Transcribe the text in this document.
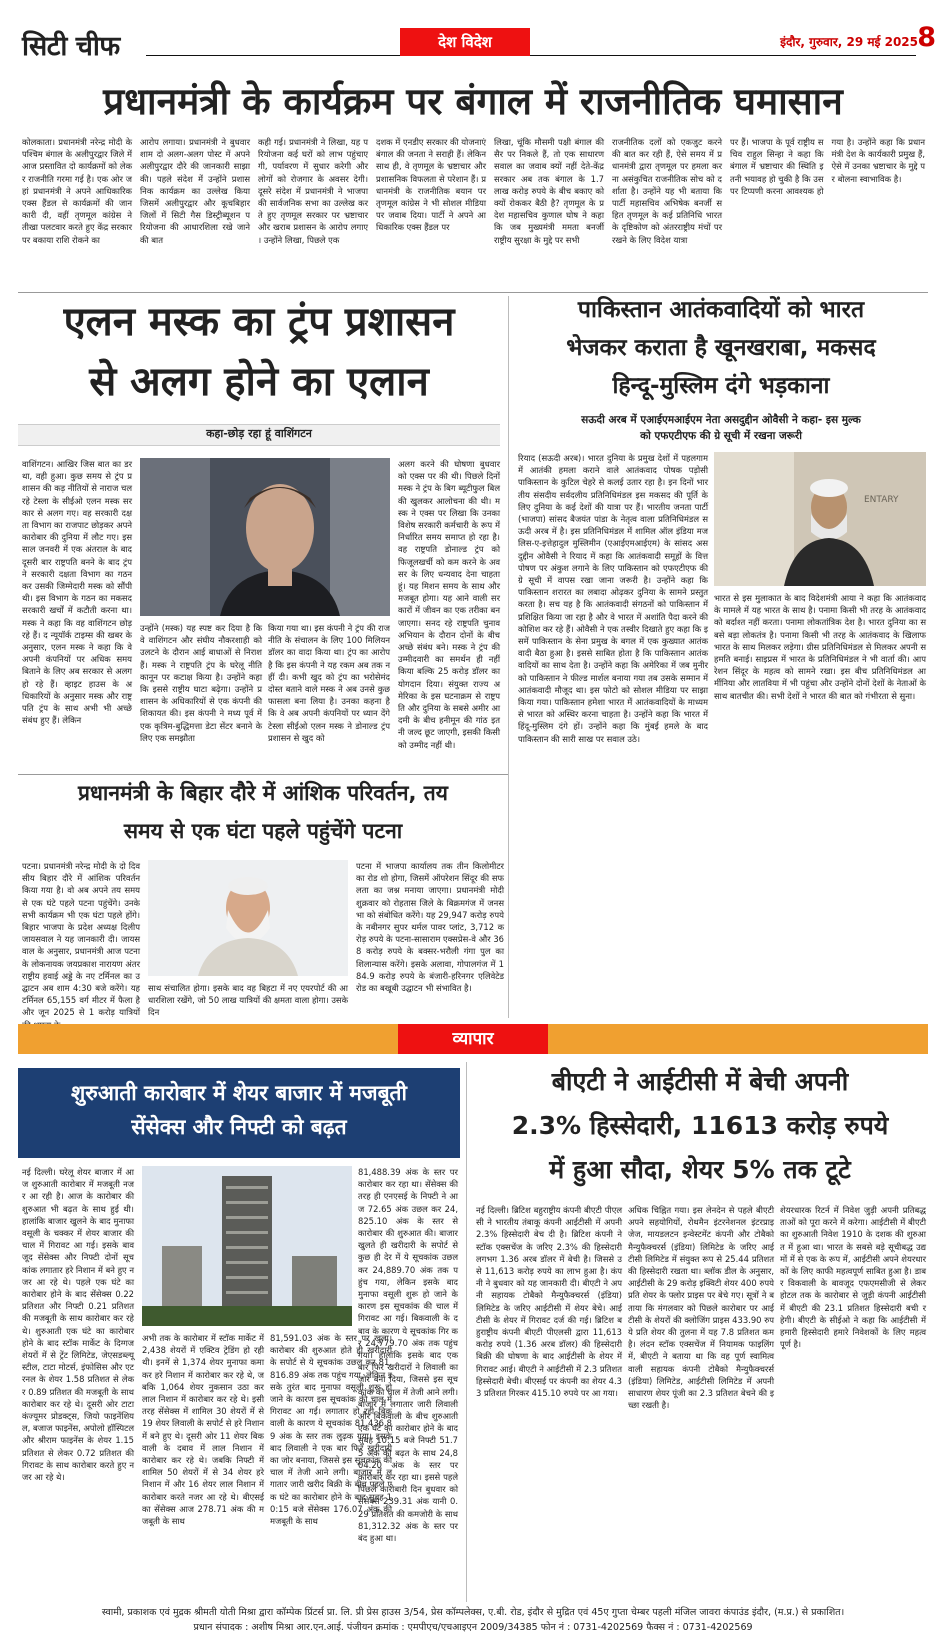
सिटी चीफ	देश विदेश	इंदौर, गुरुवार, 29 मई 2025 8
प्रधानमंत्री के कार्यक्रम पर बंगाल में राजनीतिक घमासान
कोलकाता। प्रधानमंत्री नरेन्द्र मोदी के पश्चिम बंगाल के अलीपुरद्वार जिले में आज प्रस्तावित दो कार्यक्रमों को लेकर राजनीति गरमा गई है। एक ओर जहां प्रधानमंत्री ने अपने आधिकारिक एक्स हैंडल से कार्यक्रमों की जानकारी दी, वहीं तृणमूल कांग्रेस ने तीखा पलटवार करते हुए केंद्र सरकार पर बकाया राशि रोकने का
आरोप लगाया। प्रधानमंत्री ने बुधवार शाम दो अलग-अलग पोस्ट में अपने अलीपुरद्वार दौरे की जानकारी साझा की। पहले संदेश में उन्होंने प्रशासनिक कार्यक्रम का उल्लेख किया जिसमें अलीपुरद्वार और कूचबिहार जिलों में सिटी गैस डिस्ट्रीब्यूशन परियोजना की आधारशिला रखे जाने की बात
कही गई। प्रधानमंत्री ने लिखा, यह परियोजना कई घरों को लाभ पहुंचाएगी, पर्यावरण में सुधार करेगी और लोगों को रोजगार के अवसर देगी। दूसरे संदेश में प्रधानमंत्री ने भाजपा की सार्वजनिक सभा का उल्लेख करते हुए तृणमूल सरकार पर भ्रष्टाचार और खराब प्रशासन के आरोप लगाए। उन्होंने लिखा, पिछले एक
दशक में एनडीए सरकार की योजनाएं बंगाल की जनता ने सराही हैं। लेकिन साथ ही, वे तृणमूल के भ्रष्टाचार और प्रशासनिक विफलता से परेशान हैं। प्रधानमंत्री के राजनीतिक बयान पर तृणमूल कांग्रेस ने भी सोशल मीडिया पर जवाब दिया। पार्टी ने अपने आधिकारिक एक्स हैंडल पर
लिखा, चूंकि मौसमी पक्षी बंगाल की सैर पर निकले हैं, तो एक साधारण सवाल का जवाब क्यों नहीं देते-केंद्र सरकार अब तक बंगाल के 1.7 लाख करोड़ रुपये के बीच बकाए को क्यों रोककर बैठी है? तृणमूल के प्रदेश महासचिव कुणाल घोष ने कहा कि जब मुख्यमंत्री ममता बनर्जी राष्ट्रीय सुरक्षा के मुद्दे पर सभी
राजनीतिक दलों को एकजुट करने की बात कर रही हैं, ऐसे समय में प्रधानमंत्री द्वारा तृणमूल पर हमला करना असंकुचित राजनीतिक सोच को दर्शाता है। उन्होंने यह भी बताया कि पार्टी महासचिव अभिषेक बनर्जी सहित तृणमूल के कई प्रतिनिधि भारत के दृष्टिकोण को अंतरराष्ट्रीय मंचों पर रखने के लिए विदेश यात्रा
पर हैं। भाजपा के पूर्व राष्ट्रीय सचिव राहुल सिन्हा ने कहा कि बंगाल में भ्रष्टाचार की स्थिति इतनी भयावह हो चुकी है कि उस पर टिप्पणी करना आवश्यक हो गया है। उन्होंने कहा कि प्रधानमंत्री देश के कार्यकारी प्रमुख हैं, ऐसे में उनका भ्रष्टाचार के मुद्दे पर बोलना स्वाभाविक है।
एलन मस्क का ट्रंप प्रशासन
से अलग होने का एलान
कहा-छोड़ रहा हूं वाशिंगटन
वाशिंगटन। आखिर जिस बात का डर था, वही हुआ। कुछ समय से ट्रंप प्रशासन की कड़ नीतियों से नाराज चल रहे टेस्ला के सीईओ एलन मस्क सरकार से अलग गए। वह सरकारी दक्षता विभाग का राजपाट छोड़कर अपने कारोबार की दुनिया में लौट गए। इस साल जनवरी में एक अंतराल के बाद दूसरी बार राष्ट्रपति बनने के बाद ट्रंप ने सरकारी दक्षता विभाग का गठन कर उसकी जिम्मेदारी मस्क को सौंपी थी। इस विभाग के गठन का मकसद सरकारी खर्चों में कटौती करना था। मस्क ने कहा कि वह वाशिंगटन छोड़ रहे हैं। द न्यूयॉर्क टाइम्स की खबर के अनुसार, एलन मस्क ने कहा कि वे अपनी कंपनियों पर अधिक समय बिताने के लिए अब सरकार से अलग हो रहे हैं। व्हाइट हाउस के अधिकारियों के अनुसार मस्क और राष्ट्रपति ट्रंप के साथ अभी भी अच्छे संबंध हुए हैं। लेकिन
उन्होंने (मस्क) यह स्पष्ट कर दिया है कि वे वाशिंगटन और संघीय नौकरशाही को उलटने के दौरान आई बाधाओं से निराश हैं। मस्क ने राष्ट्रपति ट्रंप के घरेलू नीति कानून पर कटाक्ष किया है। उन्होंने कहा कि इससे राष्ट्रीय घाटा बढ़ेगा। उन्होंने प्रशासन के अधिकारियों से एक कंपनी की शिकायत की। इस कंपनी ने मध्य पूर्व में एक कृत्रिम-बुद्धिमत्ता डेटा सेंटर बनाने के लिए एक समझौता
किया गया था। इस कंपनी ने ट्रंप की राजनीति के संचालन के लिए 100 मिलियन डॉलर का वादा किया था। ट्रंप का आरोप है कि इस कंपनी ने यह रकम अब तक नहीं दी। कभी खुद को ट्रंप का भरोसेमंद दोस्त बताने वाले मस्क ने अब उनसे कुछ फासला बना लिया है। उनका कहना है कि वे अब अपनी कंपनियों पर ध्यान देंगे टेस्ला सीईओ एलन मस्क ने डोनाल्ड ट्रंप प्रशासन से खुद को
अलग करने की घोषणा बुधवार को एक्स पर की थी। पिछले दिनों मस्क ने ट्रंप के बिग ब्यूटीफुल बिल की खुलकर आलोचना की थी। मस्क ने एक्स पर लिखा कि उनका विशेष सरकारी कर्मचारी के रूप में निर्धारित समय समाप्त हो रहा है। वह राष्ट्रपति डोनाल्ड ट्रंप को फिजूलखर्ची को कम करने के अवसर के लिए धन्यवाद देना चाहता हूं। यह मिशन समय के साथ और मजबूत होगा। यह आने वाली सरकारों में जीवन का एक तरीका बन जाएगा। सनद रहे राष्ट्रपति चुनाव अभियान के दौरान दोनों के बीच अच्छे संबंध बने। मस्क ने ट्रंप की उम्मीदवारी का समर्थन ही नहीं किया बल्कि 25 करोड़ डॉलर का योगदान दिया। संयुक्त राज्य अमेरिका के इस घटनाक्रम से राष्ट्रपति और दुनिया के सबसे अमीर आदमी के बीच हनीमून की गांठ इतनी जल्द छूट जाएगी, इसकी किसी को उम्मीद नहीं थी।
पाकिस्तान आतंकवादियों को भारत
भेजकर कराता है खूनखराबा, मकसद
हिन्दू-मुस्लिम दंगे भड़काना
सऊदी अरब में एआईएमआईएम नेता असदुद्दीन ओवैसी ने कहा- इस मुल्क
को एफएटीएफ की ग्रे सूची में रखना जरूरी
रियाद (सऊदी अरब)। भारत दुनिया के प्रमुख देशों में पहलगाम में आतंकी हमला कराने वाले आतंकवाद पोषक पड़ोसी पाकिस्तान के कुटिल चेहरे से कलई उतार रहा है। इन दिनों भारतीय संसदीय सर्वदलीय प्रतिनिधिमंडल इस मकसद की पूर्ति के लिए दुनिया के कई देशों की यात्रा पर हैं। भारतीय जनता पार्टी (भाजपा) सांसद बैजयंत पांडा के नेतृत्व वाला प्रतिनिधिमंडल सऊदी अरब में है। इस प्रतिनिधिमंडल में शामिल ऑल इंडिया मजलिस-ए-इत्तेहादुल मुस्लिमीन (एआईएमआईएम) के सांसद असदुद्दीन ओवैसी ने रियाद में कहा कि आतंकवादी समूहों के वित्तपोषण पर अंकुश लगाने के लिए पाकिस्तान को एफएटीएफ की ग्रे सूची में वापस रखा जाना जरूरी है। उन्होंने कहा कि पाकिस्तान शरारत का लबादा ओढ़कर दुनिया के सामने प्रस्तुत करता है। सच यह है कि आतंकवादी संगठनों को पाकिस्तान में प्रशिक्षित किया जा रहा है और वे भारत में अशांति पैदा करने की कोशिश कर रहे हैं। ओवैसी ने एक तस्वीर दिखाते हुए कहा कि इसमें पाकिस्तान के सेना प्रमुख के बगल में एक कुख्यात आतंकवादी बैठा हुआ है। इससे साबित होता है कि पाकिस्तान आतंकवादियों का साथ देता है। उन्होंने कहा कि अमेरिका में जब मुनीर को पाकिस्तान ने फील्ड मार्शल बनाया गया तब उसके सम्मान में आतंकवादी मौजूद था। इस फोटो को सोशल मीडिया पर साझा किया गया। पाकिस्तान हमेशा भारत में आतंकवादियों के माध्यम से भारत को अस्थिर करना चाहता है। उन्होंने कहा कि भारत में हिंदू-मुस्लिम दंगे हों। उन्होंने कहा कि मुंबई हमले के बाद पाकिस्तान की सारी साख पर सवाल उठे।
ENTARY
भारत से इस मुलाकात के बाद विदेशमंत्री आया ने कहा कि आतंकवाद के मामले में यह भारत के साथ है। पनामा किसी भी तरह के आतंकवाद को बर्दाश्त नहीं करता। पनामा लोकतांत्रिक देश है। भारत दुनिया का सबसे बड़ा लोकतंत्र है। पनामा किसी भी तरह के आतंकवाद के खिलाफ भारत के साथ मिलकर लड़ेगा। ग्रीस प्रतिनिधिमंडल से मिलकर अपनी सहमति बनाई। साइप्रस में भारत के प्रतिनिधिमंडल ने भी वार्ता की। आपरेशन सिंदूर के महत्व को सामने रखा। इस बीच प्रतिनिधिमंडल आर्मीनिया और लातविया में भी पहुंचा और उन्होंने दोनों देशों के नेताओं के साथ बातचीत की। सभी देशों ने भारत की बात को गंभीरता से सुना।
प्रधानमंत्री के बिहार दौरे में आंशिक परिवर्तन, तय
समय से एक घंटा पहले पहुंचेंगे पटना
पटना। प्रधानमंत्री नरेन्द्र मोदी के दो दिवसीय बिहार दौरे में आंशिक परिवर्तन किया गया है। वो अब अपने तय समय से एक घंटे पहले पटना पहुंचेंगे। उनके सभी कार्यक्रम भी एक घंटा पहले होंगे। बिहार भाजपा के प्रदेश अध्यक्ष दिलीप जायसवाल ने यह जानकारी दी। जायसवाल के अनुसार, प्रधानमंत्री आज पटना के लोकनायक जयप्रकाश नारायण अंतरराष्ट्रीय हवाई अड्डे के नए टर्मिनल का उद्घाटन अब शाम 4:30 बजे करेंगे। यह टर्मिनल 65,155 वर्ग मीटर में फैला है और जून 2025 से 1 करोड़ यात्रियों
साथ संचालित होगा। इसके बाद वह बिहटा में नए एयरपोर्ट की आधारशिला रखेंगे, जो 50 लाख यात्रियों की क्षमता वाला होगा। उसके दिन
पटना में भाजपा कार्यालय तक तीन किलोमीटर का रोड शो होगा, जिसमें ऑपरेशन सिंदूर की सफलता का जश्न मनाया जाएगा। प्रधानमंत्री मोदी शुक्रवार को रोहतास जिले के बिक्रमगंज में जनसभा को संबोधित करेंगे। यह 29,947 करोड़ रुपये के नबीनगर सुपर थर्मल पावर प्लांट, 3,712 करोड़ रुपये के पटना-सासाराम एक्सप्रेस-वे और 368 करोड़ रुपये के बक्सर-भरौली गंगा पुल का शिलान्यास करेंगे। इसके अलावा, गोपालगंज में 184.9 करोड़ रुपये के बंजारी-हरिनगर एलिवेटेड रोड का बखूबी उद्घाटन भी संभावित है।
व्यापार
शुरुआती कारोबार में शेयर बाजार में मजबूती
सेंसेक्स और निफ्टी को बढ़त
नई दिल्ली। घरेलू शेयर बाजार में आज शुरुआती कारोबार में मजबूती नजर आ रही है। आज के कारोबार की शुरुआत भी बढ़त के साथ हुई थी। हालांकि बाजार खुलने के बाद मुनाफा वसूली के चक्कर में शेयर बाजार की चाल में गिरावट आ गई। इसके बावजूद सेंसेक्स और निफ्टी दोनों सूचकांक लगातार हरे निशान में बने हुए नजर आ रहे थे। पहले एक घंटे का कारोबार होने के बाद सेंसेक्स 0.22 प्रतिशत और निफ्टी 0.21 प्रतिशत की मजबूती के साथ कारोबार कर रहे थे। शुरुआती एक घंटे का कारोबार होने के बाद स्टॉक मार्केट के दिग्गज शेयरों में से ट्रेंट लिमिटेड, जेएसडब्ल्यू स्टील, टाटा मोटर्स, इंफोसिस और एटरनल के शेयर 1.58 प्रतिशत से लेकर 0.89 प्रतिशत की मजबूती के साथ कारोबार कर रहे थे। दूसरी ओर टाटा कंज्यूमर प्रोडक्ट्स, जियो फाइनेंशियल, बजाज फाइनेंस, अपोलो हॉस्पिटल और श्रीराम फाइनेंस के शेयर 1.15 प्रतिशत से लेकर 0.72 प्रतिशत की गिरावट के साथ कारोबार करते हुए नजर आ रहे थे।
अभी तक के कारोबार में स्टॉक मार्केट में 2,438 शेयरों में एक्टिव ट्रेडिंग हो रही थी। इनमें से 1,374 शेयर मुनाफा कमा कर हरे निशान में कारोबार कर रहे थे, जबकि 1,064 शेयर नुकसान उठा कर लाल निशान में कारोबार कर रहे थे। इसी तरह सेंसेक्स में शामिल 30 शेयरों में से 19 शेयर लिवाली के सपोर्ट से हरे निशान में बने हुए थे। दूसरी ओर 11 शेयर बिकवाली के दबाव में लाल निशान में कारोबार कर रहे थे। जबकि निफ्टी में शामिल 50 शेयरों में से 34 शेयर हरे निशान में और 16 शेयर लाल निशान में कारोबार करते नजर आ रहे थे। बीएसई का सेंसेक्स आज 278.71 अंक की मजबूती के साथ
81,591.03 अंक के स्तर पर खुला। कारोबार की शुरुआत होते ही खरीदारी के सपोर्ट से ये सूचकांक उछल कर 81,816.89 अंक तक पहुंच गया, लेकिन इसके तुरंत बाद मुनाफा वसूली शुरू हो जाने के कारण इस सूचकांक की चाल में गिरावट आ गई। लगातार हो रही बिकवाली के कारण ये सूचकांक 81,436.89 अंक के स्तर तक लुढ़क गया। इसके बाद लिवाली ने एक बार फिर खरीदारी का जोर बनाया, जिससे इस सूचकांक की चाल में तेजी आने लगी। बाजार में लगातार जारी खरीद बिक्री के बीच पहले एक घंटे का कारोबार होने के बाद सुबह 10:15 बजे सेंसेक्स 176.07 अंक की मजबूती के साथ
81,488.39 अंक के स्तर पर कारोबार कर रहा था। सेंसेक्स की तरह ही एनएसई के निफ्टी ने आज 72.65 अंक उछल कर 24,825.10 अंक के स्तर से कारोबार की शुरुआत की। बाजार खुलते ही खरीदारी के सपोर्ट से कुछ ही देर में ये सूचकांक उछल कर 24,889.70 अंक तक पहुंच गया, लेकिन इसके बाद मुनाफा वसूली शुरू हो जाने के कारण इस सूचकांक की चाल में गिरावट आ गई। बिकवाली के दबाव के कारण ये सूचकांक गिर कर 24,779.70 अंक तक पहुंच गया। हालांकि इसके बाद एक बार फिर खरीदारों ने लिवाली का जोर बना दिया, जिससे इस सूचकांक की चाल में तेजी आने लगी। बाजार में लगातार जारी लिवाली और बिकवाली के बीच शुरुआती एक घंटे का कारोबार होने के बाद सुबह 10:15 बजे निफ्टी 51.75 अंक की बढ़त के साथ 24,804.20 अंक के स्तर पर कारोबार कर रहा था। इससे पहले पिछले कारोबारी दिन बुधवार को सेंसेक्स 239.31 अंक यानी 0.29 प्रतिशत की कमजोरी के साथ 81,312.32 अंक के स्तर पर बंद हुआ था।
बीएटी ने आईटीसी में बेची अपनी
2.3% हिस्सेदारी, 11613 करोड़ रुपये
में हुआ सौदा, शेयर 5% तक टूटे
नई दिल्ली। ब्रिटिश बहुराष्ट्रीय कंपनी बीएटी पीएलसी ने भारतीय तंबाकू कंपनी आईटीसी में अपनी 2.3% हिस्सेदारी बेच दी है। ब्रिटिश कंपनी ने स्टॉक एक्सचेंज के जरिए 2.3% की हिस्सेदारी लगभग 1.36 अरब डॉलर में बेची है। जिससे उसे 11,613 करोड़ रुपये का लाभ हुआ है। कंपनी ने बुधवार को यह जानकारी दी। बीएटी ने अपनी सहायक टोबैको मैन्युफैक्चरर्स (इंडिया) लिमिटेड के जरिए आईटीसी में शेयर बेचे। आईटीसी के शेयर में गिरावट दर्ज की गई। ब्रिटिश बहुराष्ट्रीय कंपनी बीएटी पीएलसी द्वारा 11,613 करोड़ रुपये (1.36 अरब डॉलर) की हिस्सेदारी बिक्री की घोषणा के बाद आईटीसी के शेयर में गिरावट आई। बीएटी ने आईटीसी में 2.3 प्रतिशत हिस्सेदारी बेची। बीएसई पर कंपनी का शेयर 4.33 प्रतिशत गिरकर 415.10 रुपये पर आ गया।
अधिक चिह्नित गया। इस लेनदेन से पहले बीएटी अपने सहयोगियों, रोथमैन इंटरनेशनल इंटरप्राइजेज, मायडलटन इन्वेस्टमेंट कंपनी और टोबैको मैन्युफैक्चरर्स (इंडिया) लिमिटेड के जरिए आईटीसी लिमिटेड में संयुक्त रूप से 25.44 प्रतिशत की हिस्सेदारी रखता था। ब्लॉक डील के अनुसार, आईटीसी के 29 करोड़ इक्विटी शेयर 400 रुपये प्रति शेयर के फ्लोर प्राइस पर बेचे गए। सूत्रों ने बताया कि मंगलवार को पिछले कारोबार पर आईटीसी के शेयरों की क्लोजिंग प्राइस 433.90 रुपये प्रति शेयर की तुलना में यह 7.8 प्रतिशत कम है। लंदन स्टॉक एक्सचेंज में नियामक फाइलिंग में, बीएटी ने बताया था कि वह पूर्ण स्वामित्व वाली सहायक कंपनी टोबैको मैन्युफैक्चरर्स (इंडिया) लिमिटेड, आईटीसी लिमिटेड में अपनी साधारण शेयर पूंजी का 2.3 प्रतिशत बेचने की इच्छा रखती है।
शेयरधारक रिटर्न में निवेश जुड़ी अपनी प्रतिबद्धताओं को पूरा करने में करेगा। आईटीसी में बीएटी का शुरुआती निवेश 1910 के दशक की शुरुआत में हुआ था। भारत के सबसे बड़े सूचीबद्ध उद्यमों में से एक के रूप में, आईटीसी अपने शेयरधारकों के लिए काफी महत्वपूर्ण साबित हुआ है। डाबर विकवाली के बावजूद एफएमसीजी से लेकर होटल तक के कारोबार से जुड़ी कंपनी आईटीसी में बीएटी की 23.1 प्रतिशत हिस्सेदारी बची रहेगी। बीएटी के सीईओ ने कहा कि आईटीसी में हमारी हिस्सेदारी हमारे निवेशकों के लिए महत्वपूर्ण है।
स्वामी, प्रकाशक एवं मुद्रक श्रीमती योती मिश्रा द्वारा कॉम्पेक प्रिंटर्स प्रा. लि. प्री प्रेस हाउस 3/54, प्रेस कॉम्पलेक्स, ए.बी. रोड, इंदौर से मुद्रित एवं 45ए गुप्ता चेम्बर पहली मंजिल जावरा कंपाउंड इंदौर, (म.प्र.) से प्रकाशित।
प्रधान संपादक : अशीष मिश्रा आर.एन.आई. पंजीयन क्रमांक : एमपीएच/एचआइएन 2009/34385 फोन नं : 0731-4202569 फैक्स नं : 0731-4202569
